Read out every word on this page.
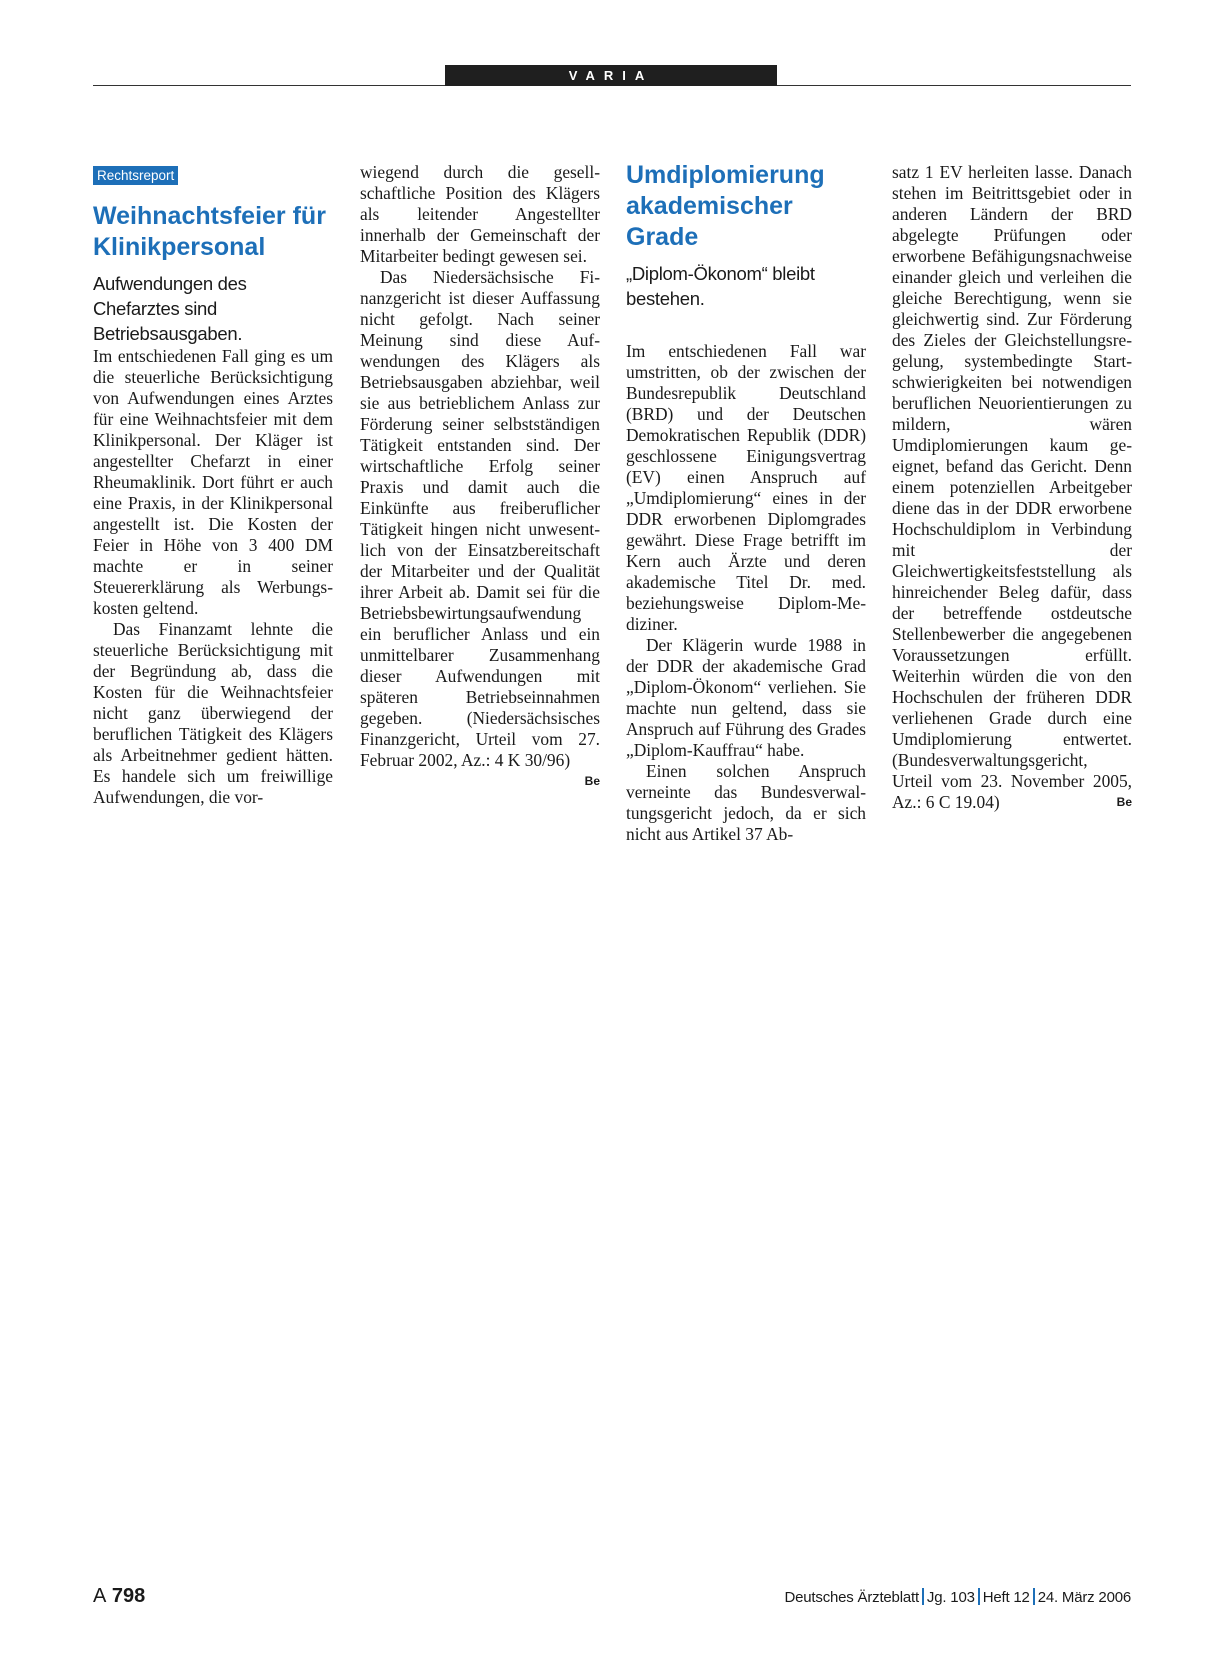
VARIA
Rechtsreport
Weihnachtsfeier für Klinikpersonal

Aufwendungen des Chefarztes sind Betriebsausgaben.

Im entschiedenen Fall ging es um die steuerliche Berücksichtigung von Aufwendungen eines Arztes für eine Weihnachtsfeier mit dem Klinikpersonal. Der Kläger ist angestellter Chefarzt in einer Rheumaklinik. Dort führt er auch eine Praxis, in der Klinikpersonal angestellt ist. Die Kosten der Feier in Höhe von 3 400 DM machte er in seiner Steuererklärung als Werbungskosten geltend.

Das Finanzamt lehnte die steuerliche Berücksichtigung mit der Begründung ab, dass die Kosten für die Weihnachtsfeier nicht ganz überwiegend der beruflichen Tätigkeit des Klägers als Arbeitnehmer gedient hätten. Es handele sich um freiwillige Aufwendungen, die vor-

wiegend durch die gesellschaftliche Position des Klägers als leitender Angestellter innerhalb der Gemeinschaft der Mitarbeiter bedingt gewesen sei.

Das Niedersächsische Finanzgericht ist dieser Auffassung nicht gefolgt. Nach seiner Meinung sind diese Aufwendungen des Klägers als Betriebsausgaben abziehbar, weil sie aus betrieblichem Anlass zur Förderung seiner selbstständigen Tätigkeit entstanden sind. Der wirtschaftliche Erfolg seiner Praxis und damit auch die Einkünfte aus freiberuflicher Tätigkeit hingen nicht unwesentlich von der Einsatzbereitschaft der Mitarbeiter und der Qualität ihrer Arbeit ab. Damit sei für die Betriebsbewirtungsaufwendung ein beruflicher Anlass und ein unmittelbarer Zusammenhang dieser Aufwendungen mit späteren Betriebseinnahmen gegeben. (Niedersächsisches Finanzgericht, Urteil vom 27. Februar 2002, Az.: 4 K 30/96)
Be

Umdiplomierung akademischer Grade

„Diplom-Ökonom“ bleibt bestehen.

Im entschiedenen Fall war umstritten, ob der zwischen der Bundesrepublik Deutschland (BRD) und der Deutschen Demokratischen Republik (DDR) geschlossene Einigungsvertrag (EV) einen Anspruch auf „Umdiplomierung“ eines in der DDR erworbenen Diplomgrades gewährt. Diese Frage betrifft im Kern auch Ärzte und deren akademische Titel Dr. med. beziehungsweise Diplom-Mediziner.

Der Klägerin wurde 1988 in der DDR der akademische Grad „Diplom-Ökonom“ verliehen. Sie machte nun geltend, dass sie Anspruch auf Führung des Grades „Diplom-Kauffrau“ habe.

Einen solchen Anspruch verneinte das Bundesverwaltungsgericht jedoch, da er sich nicht aus Artikel 37 Ab-

satz 1 EV herleiten lasse. Danach stehen im Beitrittsgebiet oder in anderen Ländern der BRD abgelegte Prüfungen oder erworbene Befähigungsnachweise einander gleich und verleihen die gleiche Berechtigung, wenn sie gleichwertig sind. Zur Förderung des Zieles der Gleichstellungsregelung, systembedingte Startschwierigkeiten bei notwendigen beruflichen Neuorientierungen zu mildern, wären Umdiplomierungen kaum geeignet, befand das Gericht. Denn einem potenziellen Arbeitgeber diene das in der DDR erworbene Hochschuldiplom in Verbindung mit der Gleichwertigkeitsfeststellung als hinreichender Beleg dafür, dass der betreffende ostdeutsche Stellenbewerber die angegebenen Voraussetzungen erfüllt. Weiterhin würden die von den Hochschulen der früheren DDR verliehenen Grade durch eine Umdiplomierung entwertet. (Bundesverwaltungsgericht, Urteil vom 23. November 2005, Az.: 6 C 19.04)	Be

A 798	Deutsches Ärzteblatt Jg. 103 Heft 12 24. März 2006
